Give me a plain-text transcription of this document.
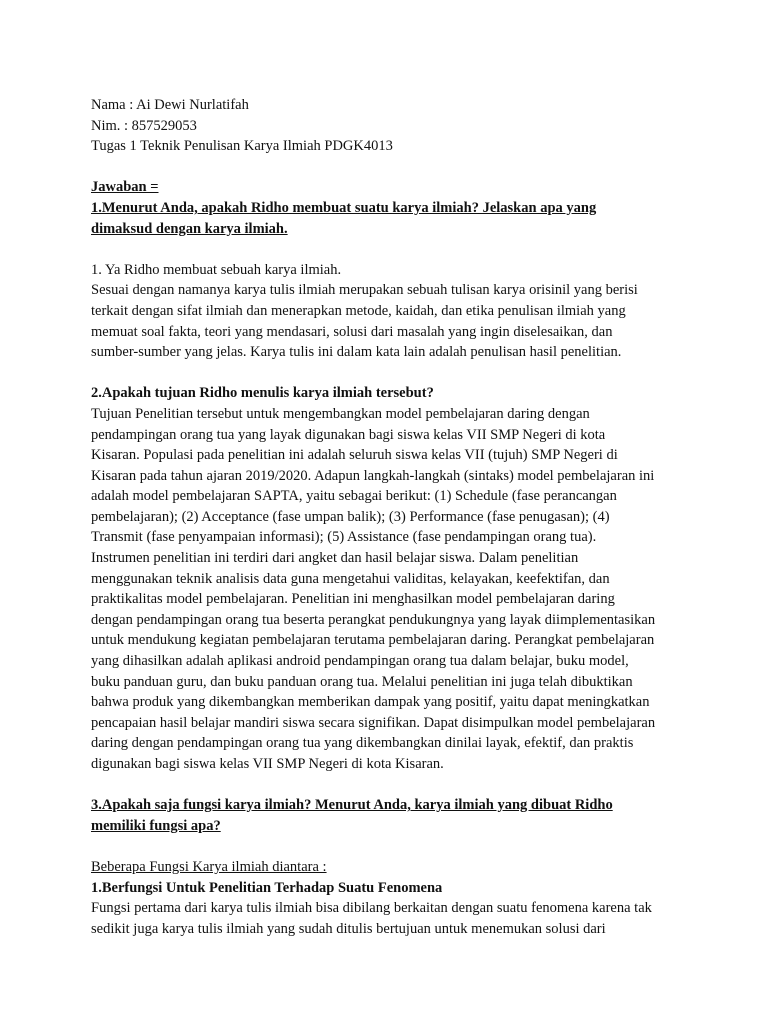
Nama : Ai Dewi Nurlatifah
Nim. : 857529053
Tugas 1 Teknik Penulisan Karya Ilmiah PDGK4013
Jawaban =
1.Menurut Anda, apakah Ridho membuat suatu karya ilmiah? Jelaskan apa yang
dimaksud dengan karya ilmiah.
1. Ya Ridho membuat sebuah karya ilmiah.
Sesuai dengan namanya karya tulis ilmiah merupakan sebuah tulisan karya orisinil yang berisi
terkait dengan sifat ilmiah dan menerapkan metode, kaidah, dan etika penulisan ilmiah yang
memuat soal fakta, teori yang mendasari, solusi dari masalah yang ingin diselesaikan, dan
sumber-sumber yang jelas. Karya tulis ini dalam kata lain adalah penulisan hasil penelitian.
2.Apakah tujuan Ridho menulis karya ilmiah tersebut?
Tujuan Penelitian tersebut untuk mengembangkan model pembelajaran daring dengan
pendampingan orang tua yang layak digunakan bagi siswa kelas VII SMP Negeri di kota
Kisaran. Populasi pada penelitian ini adalah seluruh siswa kelas VII (tujuh) SMP Negeri di
Kisaran pada tahun ajaran 2019/2020. Adapun langkah-langkah (sintaks) model pembelajaran ini
adalah model pembelajaran SAPTA, yaitu sebagai berikut: (1) Schedule (fase perancangan
pembelajaran); (2) Acceptance (fase umpan balik); (3) Performance (fase penugasan); (4)
Transmit (fase penyampaian informasi); (5) Assistance (fase pendampingan orang tua).
Instrumen penelitian ini terdiri dari angket dan hasil belajar siswa. Dalam penelitian
menggunakan teknik analisis data guna mengetahui validitas, kelayakan, keefektifan, dan
praktikalitas model pembelajaran. Penelitian ini menghasilkan model pembelajaran daring
dengan pendampingan orang tua beserta perangkat pendukungnya yang layak diimplementasikan
untuk mendukung kegiatan pembelajaran terutama pembelajaran daring. Perangkat pembelajaran
yang dihasilkan adalah aplikasi android pendampingan orang tua dalam belajar, buku model,
buku panduan guru, dan buku panduan orang tua. Melalui penelitian ini juga telah dibuktikan
bahwa produk yang dikembangkan memberikan dampak yang positif, yaitu dapat meningkatkan
pencapaian hasil belajar mandiri siswa secara signifikan. Dapat disimpulkan model pembelajaran
daring dengan pendampingan orang tua yang dikembangkan dinilai layak, efektif, dan praktis
digunakan bagi siswa kelas VII SMP Negeri di kota Kisaran.
3.Apakah saja fungsi karya ilmiah? Menurut Anda, karya ilmiah yang dibuat Ridho
memiliki fungsi apa?
Beberapa Fungsi Karya ilmiah diantara :
1.Berfungsi Untuk Penelitian Terhadap Suatu Fenomena
Fungsi pertama dari karya tulis ilmiah bisa dibilang berkaitan dengan suatu fenomena karena tak
sedikit juga karya tulis ilmiah yang sudah ditulis bertujuan untuk menemukan solusi dari
